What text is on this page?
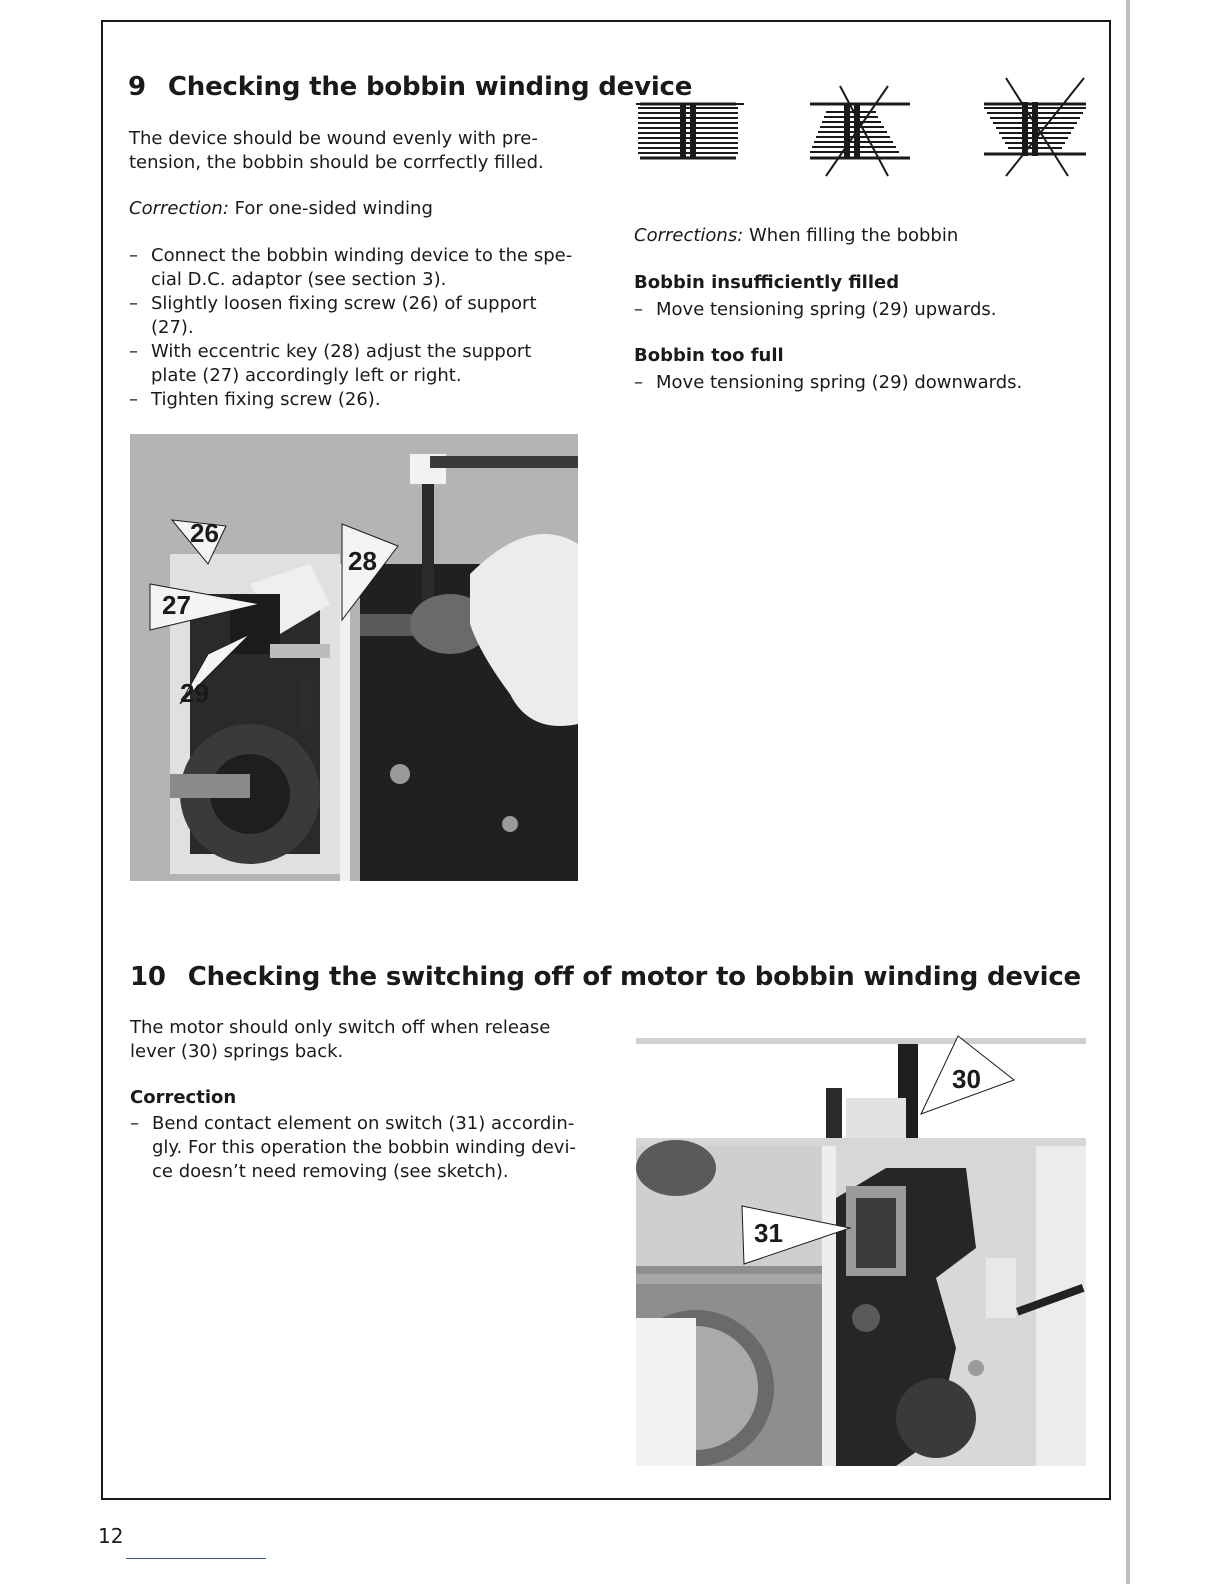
9 Checking the bobbin winding device

The device should be wound evenly with pre-

tension, the bobbin should be corrfectly filled.

Correction: For one-sided winding

– Connect the bobbin winding device to the spe- cial D.C. adaptor (see section 3).
– Slightly loosen fixing screw (26) of support (27).
– With eccentric key (28) adjust the support plate (27) accordingly left or right.
– Tighten fixing screw (26).

Corrections: When filling the bobbin

Bobbin insufficiently filled

– Move tensioning spring (29) upwards.

Bobbin too full

– Move tensioning spring (29) downwards.
26
27
28
29
10 Checking the switching off of motor to bobbin winding device

The motor should only switch off when release

lever (30) springs back.

Correction

– Bend contact element on switch (31) accordin- gly. For this operation the bobbin winding devi- ce doesn’t need removing (see sketch).
30
31
12
